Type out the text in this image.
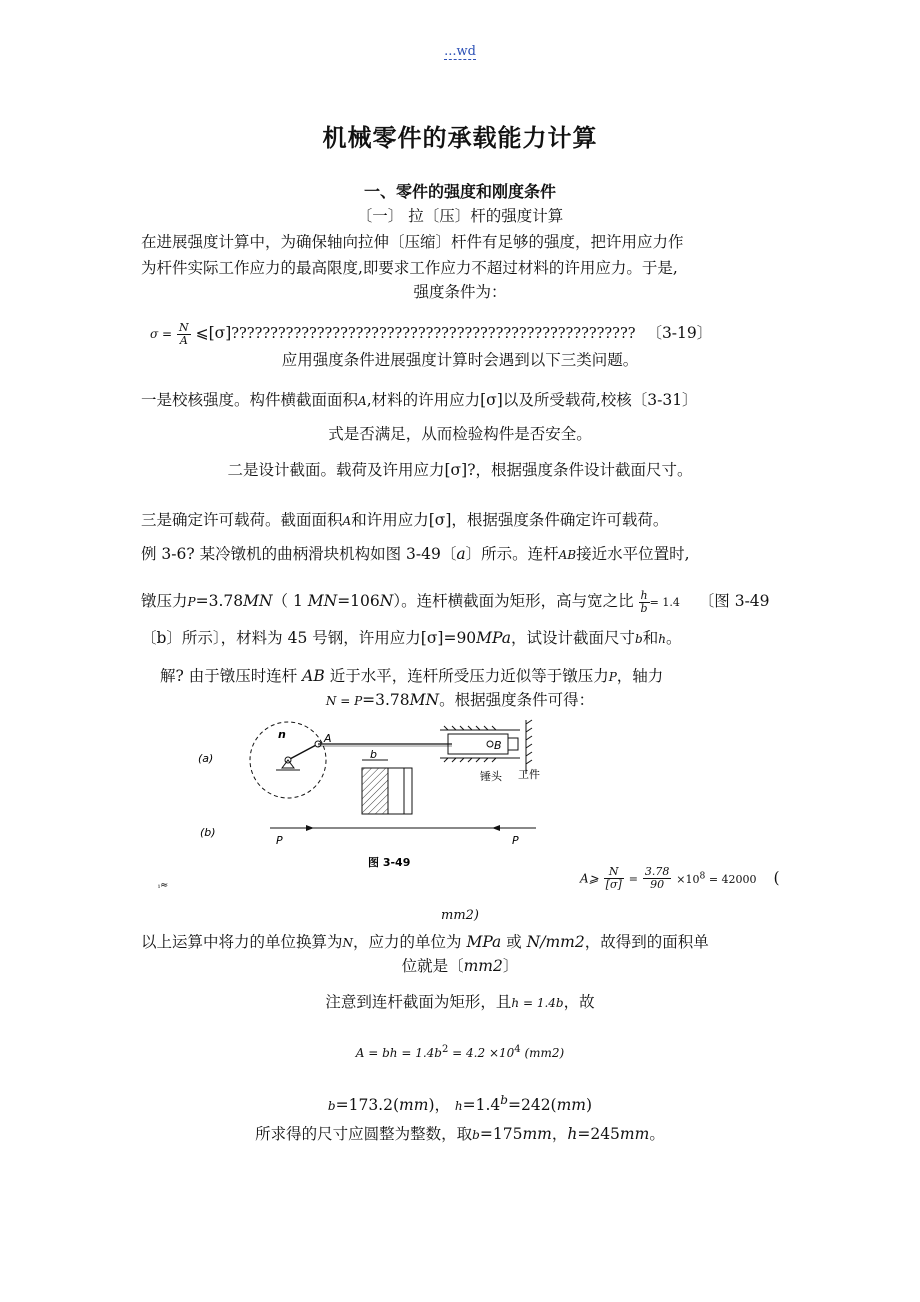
...wd
机械零件的承载能力计算
一、零件的强度和刚度条件
〔一〕 拉〔压〕杆的强度计算
在进展强度计算中，为确保轴向拉伸〔压缩〕杆件有足够的强度，把许用应力作
为杆件实际工作应力的最高限度,即要求工作应力不超过材料的许用应力。于是,
强度条件为：
$\sigma = \frac{N}{A}$ ⩽[σ]???????????????????????????????????????????????????? 〔3-19〕
应用强度条件进展强度计算时会遇到以下三类问题。
一是校核强度。构件横截面面积A,材料的许用应力[σ]以及所受载荷,校核〔3-31〕
式是否满足，从而检验构件是否安全。
二是设计截面。载荷及许用应力[σ]?，根据强度条件设计截面尺寸。
三是确定许可载荷。截面面积A和许用应力[σ]，根据强度条件确定许可载荷。
例 3-6? 某冷镦机的曲柄滑块机构如图 3-49〔a〕所示。连杆AB接近水平位置时,
镦压力P=3.78MN（ 1 MN=106N）。连杆横截面为矩形，高与宽之比 $\frac{h}{b} = 1.4$ 〔图 3-49
〔b〕所示〕，材料为 45 号钢，许用应力[σ]=90MPa，试设计截面尺寸b和h。
解? 由于镦压时连杆 AB 近于水平，连杆所受压力近似等于镦压力P，轴力
N = P=3.78MN。根据强度条件可得：
(a)
(b)
n	A
B
锤头 工件
b
P	P
图 3-49
ᵢ≈	A⩾ $\frac{N}{[\sigma]} = \frac{3.78}{90} \times 10^8 = 42000$ (
mm2)
以上运算中将力的单位换算为N，应力的单位为 MPa 或 N/mm2，故得到的面积单
位就是〔mm2〕
注意到连杆截面为矩形，且h = 1.4b，故
A = bh = $1.4b^2 = 4.2 \times 10^4$ (mm2)
b=173.2(mm)， h=1.4$^b$=242(mm)
所求得的尺寸应圆整为整数，取b=175mm，h=245mm。
